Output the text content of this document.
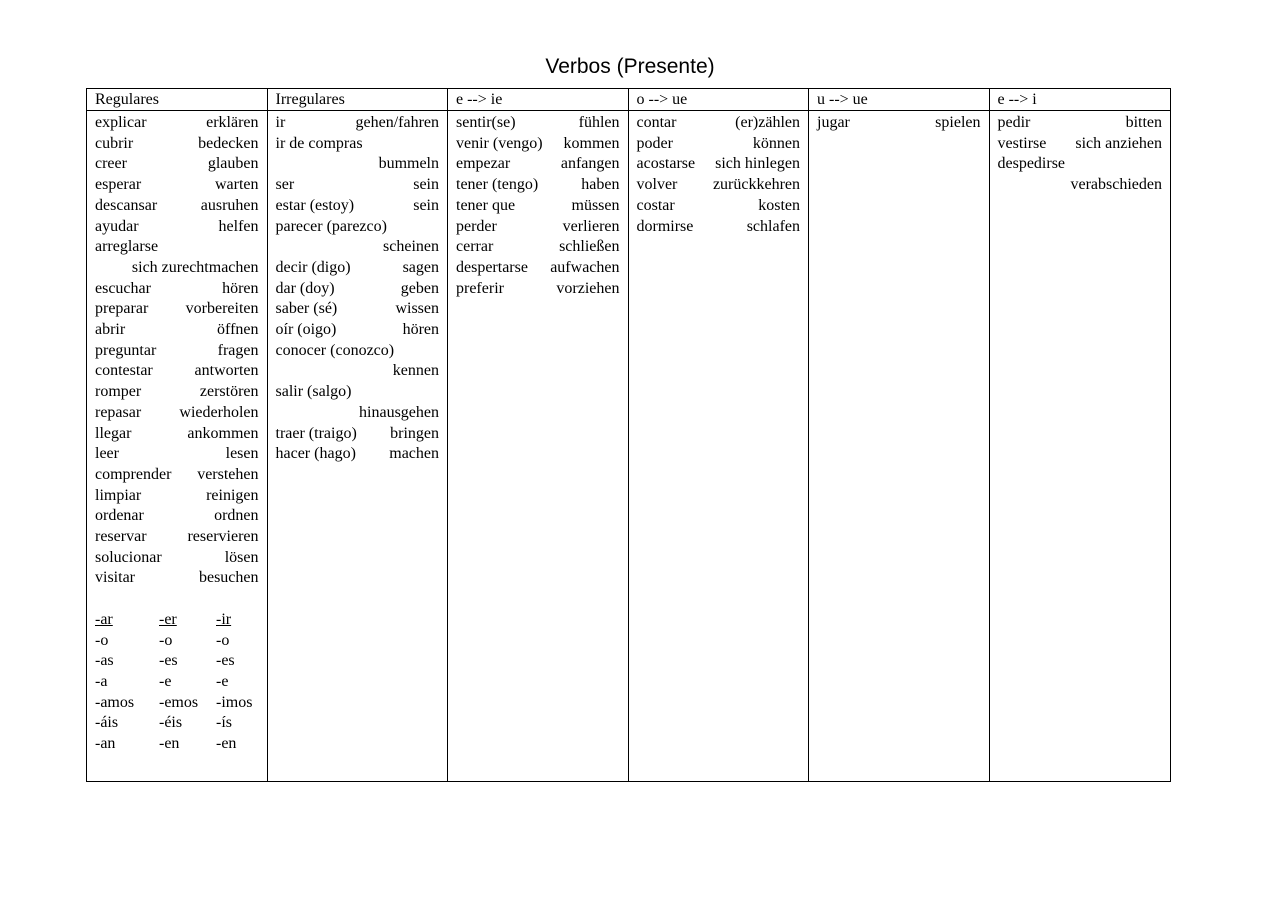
Verbos (Presente)
Regulares
explicar	erklären
cubrir	bedecken
creer	glauben
esperar	warten
descansar	ausruhen
ayudar	helfen
arreglarse
sich zurechtmachen
escuchar	hören
preparar vorbereiten
abrir	öffnen
preguntar	fragen
contestar	antworten
romper	zerstören
repasar wiederholen
llegar	ankommen
leer	lesen
comprender verstehen
limpiar	reinigen
ordenar	ordnen
reservar	reservieren
solucionar	lösen
visitar	besuchen
-ar	-er	-ir
-o	-o	-o
-as	-es	-es
-a	-e	-e
-amos	-emos	-imos
-áis	-éis	-ís
-an	-en	-en
Irregulares
ir	gehen/fahren
ir de compras
bummeln
ser	sein
estar (estoy)	sein
parecer (parezco)
scheinen
decir (digo)	sagen
dar (doy)	geben
saber (sé)	wissen
oír (oigo)	hören
conocer (conozco)
kennen
salir (salgo)
hinausgehen
traer (traigo) bringen
hacer (hago) machen
e --> ie
sentir(se)	fühlen
venir (vengo) kommen
empezar	anfangen
tener (tengo)	haben
tener que	müssen
perder	verlieren
cerrar	schließen
despertarse aufwachen
preferir	vorziehen
o --> ue
contar	(er)zählen
poder	können
acostarse sich hinlegen
volver zurückkehren
costar	kosten
dormirse	schlafen
u --> ue
jugar	spielen
e --> i
pedir	bitten
vestirse sich anziehen
despedirse
verabschieden
